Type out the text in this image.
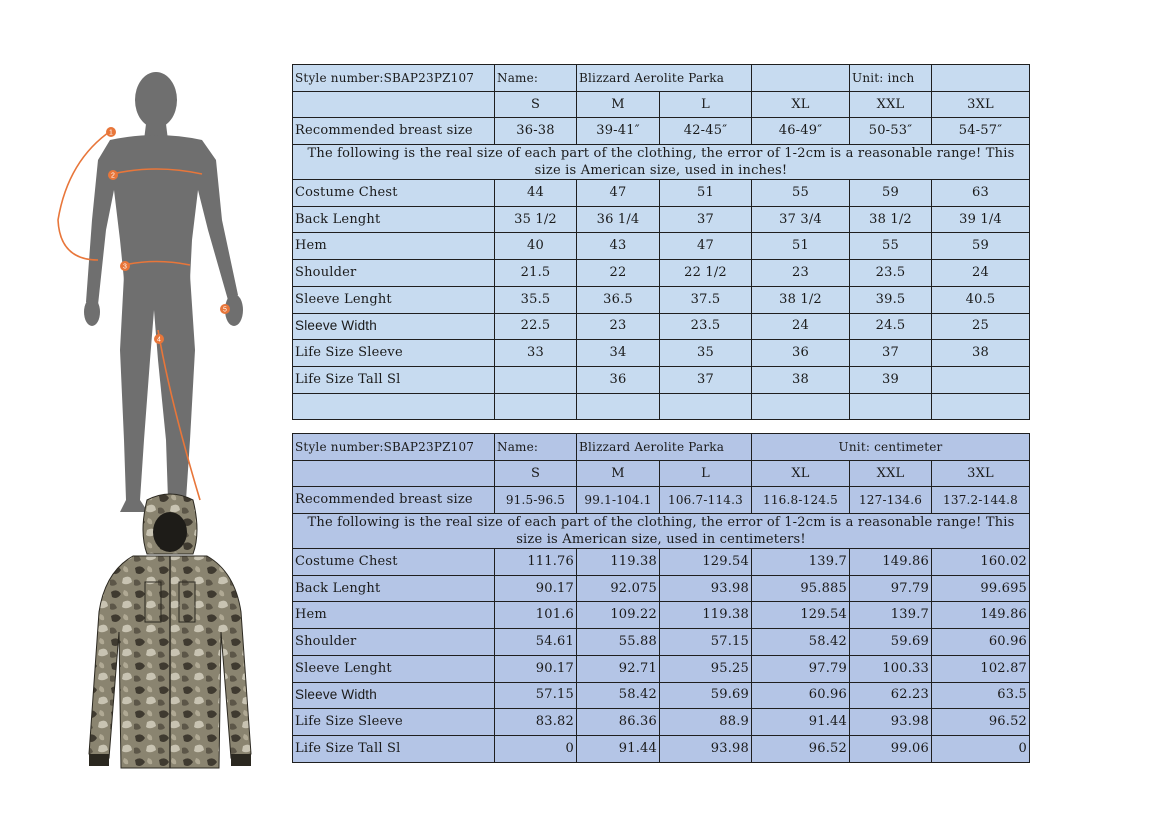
1
2
3
4
5
Style number:SBAP23PZ107	Name:	Blizzard Aerolite Parka			Unit: inch	
	S	M	L	XL	XXL	3XL
Recommended breast size	36-38	39-41″	42-45″	46-49″	50-53″	54-57″
The following is the real size of each part of the clothing, the error of 1-2cm is a reasonable range! This size is American size, used in inches!						
Costume Chest	44	47	51	55	59	63
Back Lenght	35 1/2	36 1/4	37	37 3/4	38 1/2	39 1/4
Hem	40	43	47	51	55	59
Shoulder	21.5	22	22 1/2	23	23.5	24
Sleeve Lenght	35.5	36.5	37.5	38 1/2	39.5	40.5
Sleeve Width	22.5	23	23.5	24	24.5	25
Life Size Sleeve	33	34	35	36	37	38
Life Size Tall Sl		36	37	38	39	

Style number:SBAP23PZ107	Name:	Blizzard Aerolite Parka		Unit: centimeter		
	S	M	L	XL	XXL	3XL
Recommended breast size	91.5-96.5	99.1-104.1	106.7-114.3	116.8-124.5	127-134.6	137.2-144.8
The following is the real size of each part of the clothing, the error of 1-2cm is a reasonable range! This size is American size, used in centimeters!						
Costume Chest	111.76	119.38	129.54	139.7	149.86	160.02
Back Lenght	90.17	92.075	93.98	95.885	97.79	99.695
Hem	101.6	109.22	119.38	129.54	139.7	149.86
Shoulder	54.61	55.88	57.15	58.42	59.69	60.96
Sleeve Lenght	90.17	92.71	95.25	97.79	100.33	102.87
Sleeve Width	57.15	58.42	59.69	60.96	62.23	63.5
Life Size Sleeve	83.82	86.36	88.9	91.44	93.98	96.52
Life Size Tall Sl	0	91.44	93.98	96.52	99.06	0
